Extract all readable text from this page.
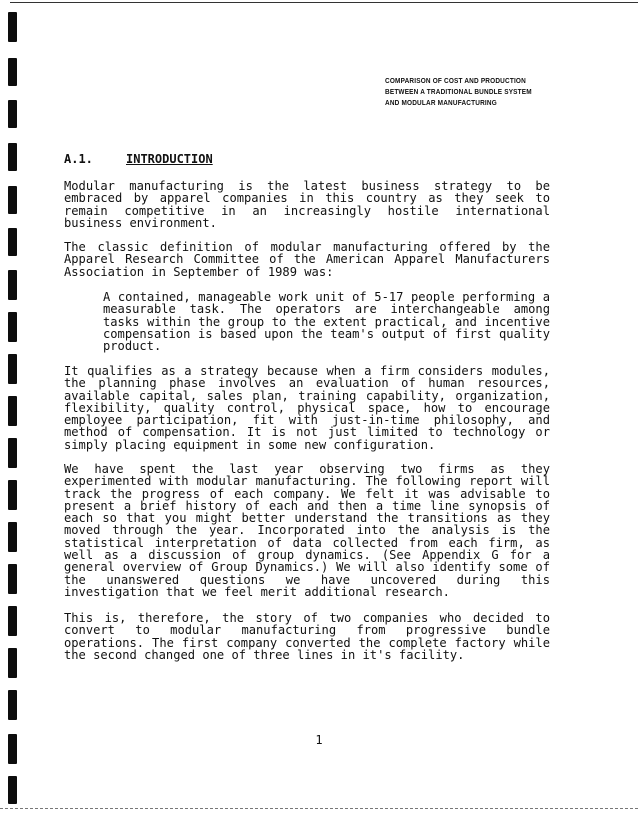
COMPARISON OF COST AND PRODUCTION
BETWEEN A TRADITIONAL BUNDLE SYSTEM
AND MODULAR MANUFACTURING
A.1.	INTRODUCTION
Modular manufacturing is the latest business strategy to be embraced by apparel companies in this country as they seek to remain competitive in an increasingly hostile international business environment.
The classic definition of modular manufacturing offered by the Apparel Research Committee of the American Apparel Manufacturers Association in September of 1989 was:
A contained, manageable work unit of 5-17 people performing a measurable task. The operators are interchangeable among tasks within the group to the extent practical, and incentive compensation is based upon the team's output of first quality product.
It qualifies as a strategy because when a firm considers modules, the planning phase involves an evaluation of human resources, available capital, sales plan, training capability, organization, flexibility, quality control, physical space, how to encourage employee participation, fit with just-in-time philosophy, and method of compensation. It is not just limited to technology or simply placing equipment in some new configuration.
We have spent the last year observing two firms as they experimented with modular manufacturing. The following report will track the progress of each company. We felt it was advisable to present a brief history of each and then a time line synopsis of each so that you might better understand the transitions as they moved through the year. Incorporated into the analysis is the statistical interpretation of data collected from each firm, as well as a discussion of group dynamics. (See Appendix G for a general overview of Group Dynamics.) We will also identify some of the unanswered questions we have uncovered during this investigation that we feel merit additional research.
This is, therefore, the story of two companies who decided to convert to modular manufacturing from progressive bundle operations. The first company converted the complete factory while the second changed one of three lines in it's facility.
1
